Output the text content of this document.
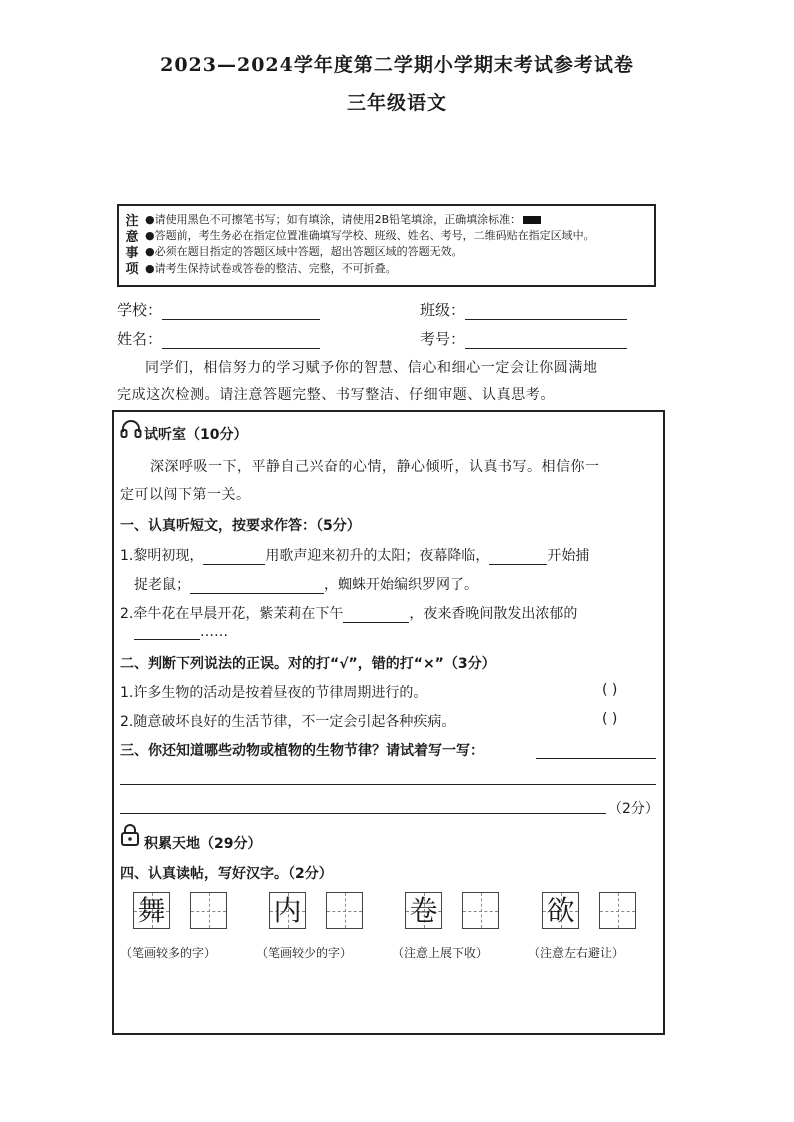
2023—2024学年度第二学期小学期末考试参考试卷
三年级语文
注
意
事
项
●请使用黑色不可擦笔书写；如有填涂，请使用2B铅笔填涂，正确填涂标准：
●答题前，考生务必在指定位置准确填写学校、班级、姓名、考号，二维码贴在指定区域中。
●必须在题目指定的答题区域中答题，超出答题区域的答题无效。
●请考生保持试卷或答卷的整洁、完整，不可折叠。
学校：	班级：
姓名：	考号：

同学们，相信努力的学习赋予你的智慧、信心和细心一定会让你圆满地

完成这次检测。请注意答题完整、书写整洁、仔细审题、认真思考。
试听室（10分）
深深呼吸一下，平静自己兴奋的心情，静心倾听，认真书写。相信你一
定可以闯下第一关。
一、认真听短文，按要求作答：（5分）
1.黎明初现，	用歌声迎来初升的太阳；夜幕降临，	开始捕
捉老鼠；	，蜘蛛开始编织罗网了。
2.牵牛花在早晨开花，紫茉莉在下午	，夜来香晚间散发出浓郁的
……
二、判断下列说法的正误。对的打“√”，错的打“×”（3分）
1.许多生物的活动是按着昼夜的节律周期进行的。	( )
2.随意破坏良好的生活节律，不一定会引起各种疾病。	( )
三、你还知道哪些动物或植物的生物节律？请试着写一写：
（2分）
积累天地（29分）
四、认真读帖，写好汉字。（2分）
舞
（笔画较多的字）
内
（笔画较少的字）
卷
（注意上展下收）
欲
（注意左右避让）
